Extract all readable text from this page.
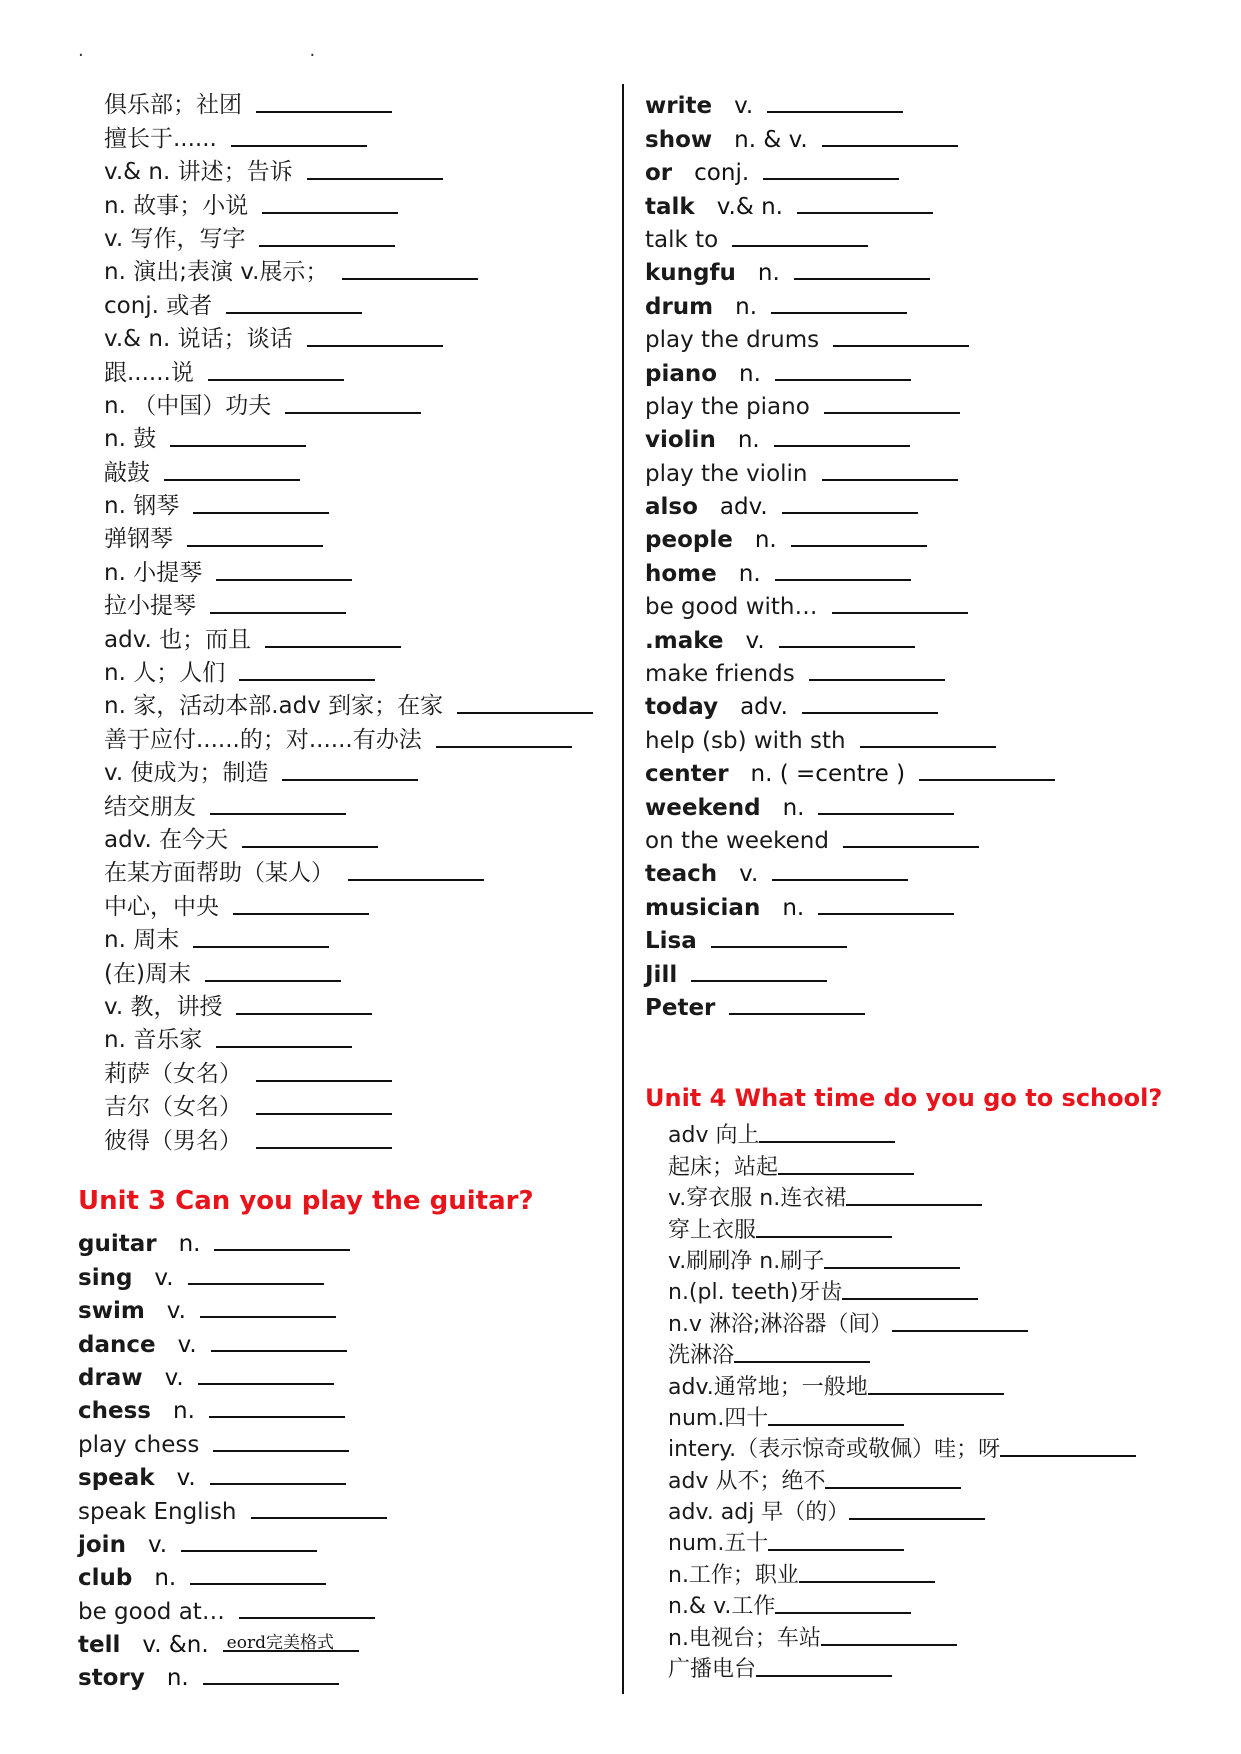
. .
俱乐部；社团
擅长于......
v.& n. 讲述；告诉
n. 故事；小说
v. 写作，写字
n. 演出;表演 v.展示；
conj. 或者
v.& n. 说话；谈话
跟......说
n. （中国）功夫
n. 鼓
敲鼓
n. 钢琴
弹钢琴
n. 小提琴
拉小提琴
adv. 也；而且
n. 人；人们
n. 家，活动本部.adv 到家；在家
善于应付......的；对......有办法
v. 使成为；制造
结交朋友
adv. 在今天
在某方面帮助（某人）
中心，中央
n. 周末
(在)周末
v. 教，讲授
n. 音乐家
莉萨（女名）
吉尔（女名）
彼得（男名）
write v.
show n. & v.
or conj.
talk v.& n.
talk to
kungfu n.
drum n.
play the drums
piano n.
play the piano
violin n.
play the violin
also adv.
people n.
home n.
be good with…
.make v.
make friends
today adv.
help (sb) with sth
center n. ( =centre )
weekend n.
on the weekend
teach v.
musician n.
Lisa
Jill
Peter
Unit 3 Can you play the guitar?
guitar n.
sing v.
swim v.
dance v.
draw v.
chess n.
play chess
speak v.
speak English
join v.
club n.
be good at…
tell v. &n. eord完美格式
story n.
Unit 4 What time do you go to school?
adv 向上
起床；站起
v.穿衣服 n.连衣裙
穿上衣服
v.刷刷净 n.刷子
n.(pl. teeth)牙齿
n.v 淋浴;淋浴器（间）
洗淋浴
adv.通常地；一般地
num.四十
intery.（表示惊奇或敬佩）哇；呀
adv 从不；绝不
adv. adj 早（的）
num.五十
n.工作；职业
n.& v.工作
n.电视台；车站
广播电台
